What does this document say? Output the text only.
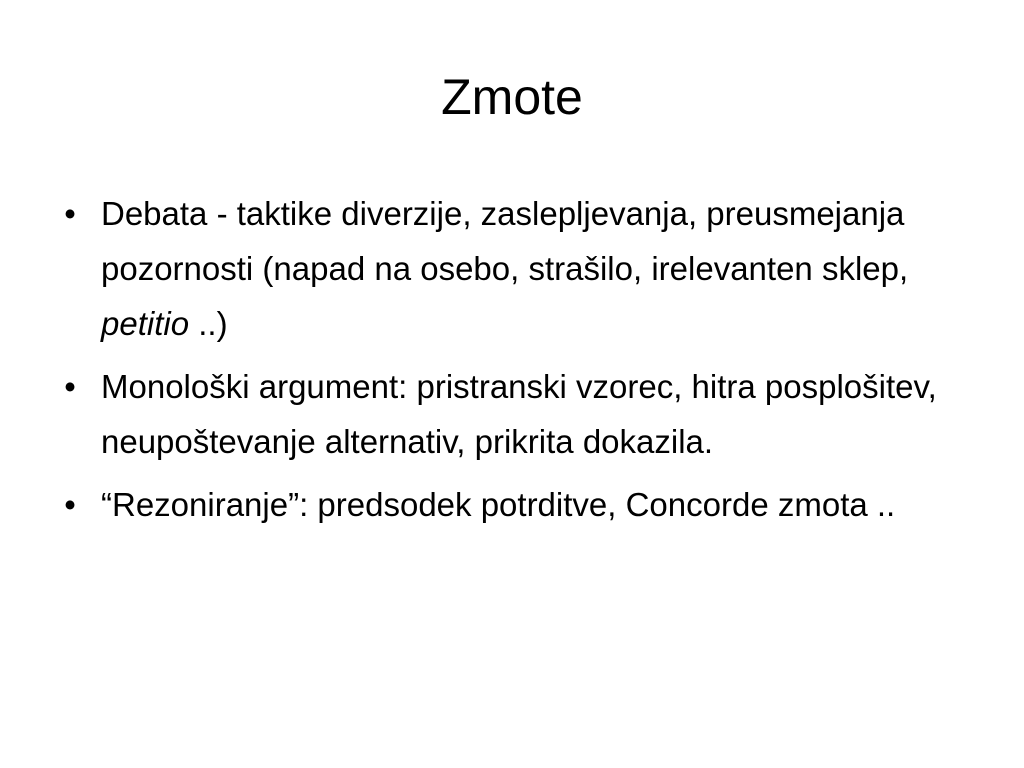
Zmote
• Debata - taktike diverzije, zaslepljevanja, preusmejanja pozornosti (napad na osebo, strašilo, irelevanten sklep, petitio ..)
• Monološki argument: pristranski vzorec, hitra posplošitev, neupoštevanje alternativ, prikrita dokazila.
• “Rezoniranje”: predsodek potrditve, Concorde zmota ..
